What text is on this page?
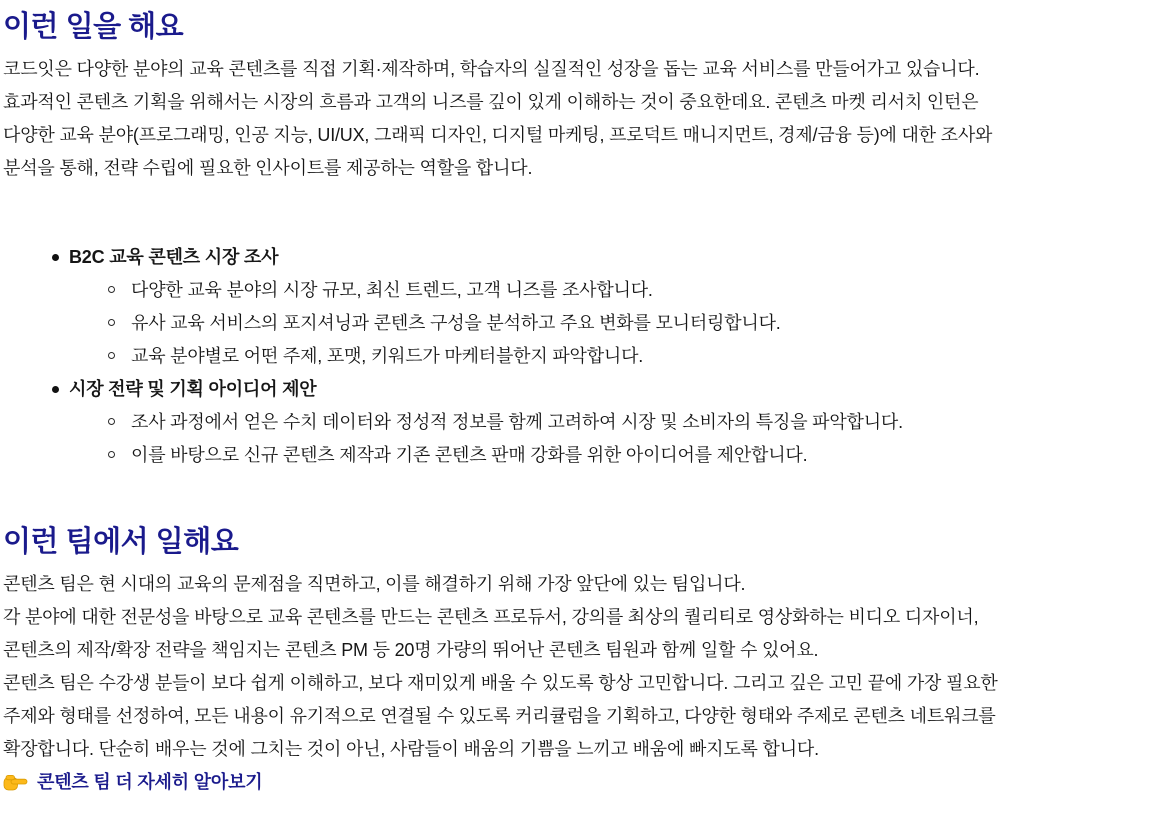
이런 일을 해요

코드잇은 다양한 분야의 교육 콘텐츠를 직접 기획·제작하며, 학습자의 실질적인 성장을 돕는 교육 서비스를 만들어가고 있습니다.
효과적인 콘텐츠 기획을 위해서는 시장의 흐름과 고객의 니즈를 깊이 있게 이해하는 것이 중요한데요. 콘텐츠 마켓 리서치 인턴은
다양한 교육 분야(프로그래밍, 인공 지능, UI/UX, 그래픽 디자인, 디지털 마케팅, 프로덕트 매니지먼트, 경제/금융 등)에 대한 조사와
분석을 통해, 전략 수립에 필요한 인사이트를 제공하는 역할을 합니다.

B2C 교육 콘텐츠 시장 조사
다양한 교육 분야의 시장 규모, 최신 트렌드, 고객 니즈를 조사합니다.
유사 교육 서비스의 포지셔닝과 콘텐츠 구성을 분석하고 주요 변화를 모니터링합니다.
교육 분야별로 어떤 주제, 포맷, 키워드가 마케터블한지 파악합니다.
시장 전략 및 기획 아이디어 제안
조사 과정에서 얻은 수치 데이터와 정성적 정보를 함께 고려하여 시장 및 소비자의 특징을 파악합니다.
이를 바탕으로 신규 콘텐츠 제작과 기존 콘텐츠 판매 강화를 위한 아이디어를 제안합니다.
이런 팀에서 일해요

콘텐츠 팀은 현 시대의 교육의 문제점을 직면하고, 이를 해결하기 위해 가장 앞단에 있는 팀입니다.
각 분야에 대한 전문성을 바탕으로 교육 콘텐츠를 만드는 콘텐츠 프로듀서, 강의를 최상의 퀄리티로 영상화하는 비디오 디자이너,
콘텐츠의 제작/확장 전략을 책임지는 콘텐츠 PM 등 20명 가량의 뛰어난 콘텐츠 팀원과 함께 일할 수 있어요.
콘텐츠 팀은 수강생 분들이 보다 쉽게 이해하고, 보다 재미있게 배울 수 있도록 항상 고민합니다. 그리고 깊은 고민 끝에 가장 필요한
주제와 형태를 선정하여, 모든 내용이 유기적으로 연결될 수 있도록 커리큘럼을 기획하고, 다양한 형태와 주제로 콘텐츠 네트워크를
확장합니다. 단순히 배우는 것에 그치는 것이 아닌, 사람들이 배움의 기쁨을 느끼고 배움에 빠지도록 합니다.

콘텐츠 팀 더 자세히 알아보기
